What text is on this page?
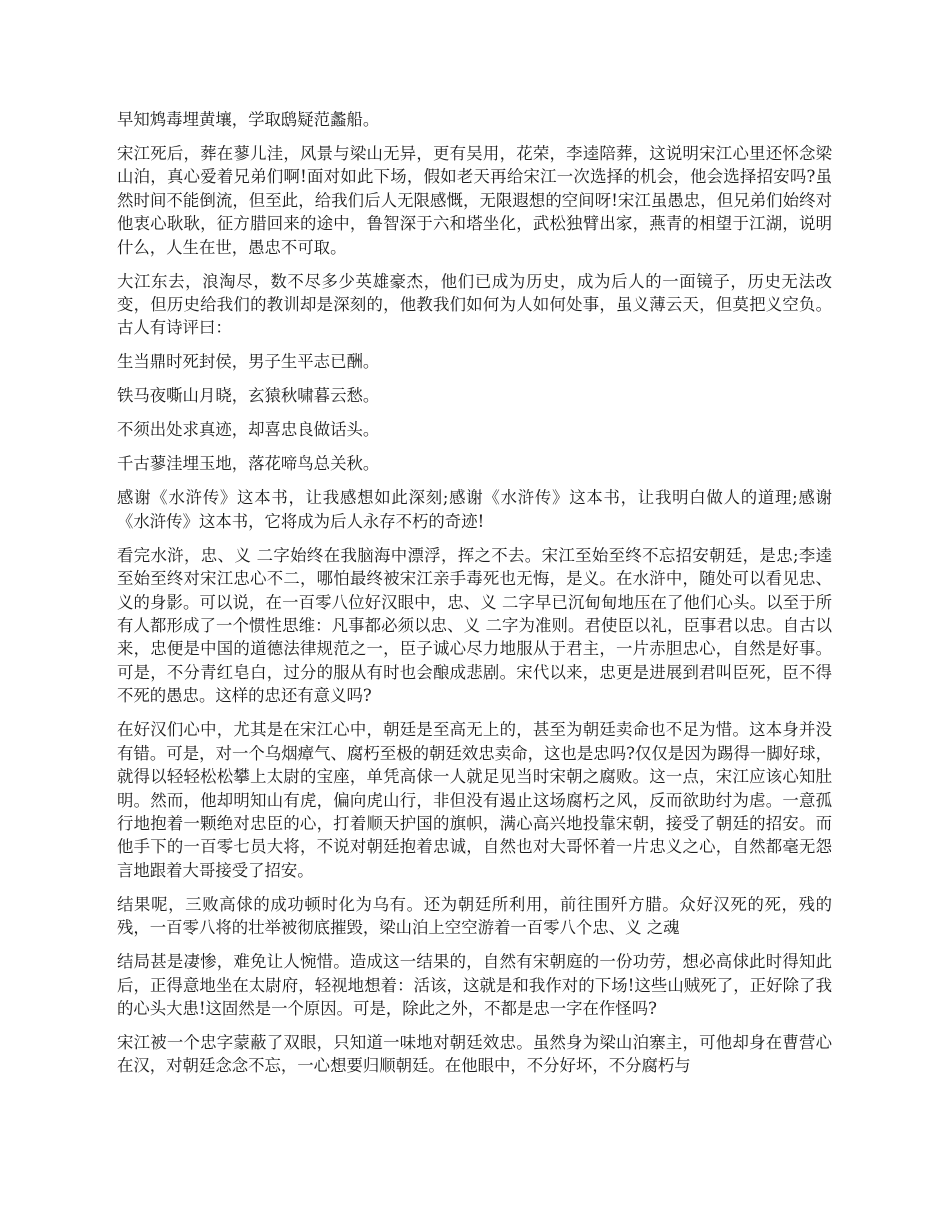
早知鸩毒埋黄壤，学取鸱疑范蠡船。

宋江死后，葬在蓼儿洼，风景与梁山无异，更有吴用，花荣，李逵陪葬，这说明宋江心里还怀念梁山泊，真心爱着兄弟们啊!面对如此下场，假如老天再给宋江一次选择的机会，他会选择招安吗?虽然时间不能倒流，但至此，给我们后人无限感慨，无限遐想的空间呀!宋江虽愚忠，但兄弟们始终对他衷心耿耿，征方腊回来的途中，鲁智深于六和塔坐化，武松独臂出家，燕青的相望于江湖，说明什么，人生在世，愚忠不可取。

大江东去，浪淘尽，数不尽多少英雄豪杰，他们已成为历史，成为后人的一面镜子，历史无法改变，但历史给我们的教训却是深刻的，他教我们如何为人如何处事，虽义薄云天，但莫把义空负。古人有诗评曰：

生当鼎时死封侯，男子生平志已酬。

铁马夜嘶山月晓，玄猿秋啸暮云愁。

不须出处求真迹，却喜忠良做话头。

千古蓼洼埋玉地，落花啼鸟总关秋。

感谢《水浒传》这本书，让我感想如此深刻;感谢《水浒传》这本书，让我明白做人的道理;感谢《水浒传》这本书，它将成为后人永存不朽的奇迹!

看完水浒，忠、义 二字始终在我脑海中漂浮，挥之不去。宋江至始至终不忘招安朝廷，是忠;李逵至始至终对宋江忠心不二，哪怕最终被宋江亲手毒死也无悔，是义。在水浒中，随处可以看见忠、义的身影。可以说，在一百零八位好汉眼中，忠、义 二字早已沉甸甸地压在了他们心头。以至于所有人都形成了一个惯性思维：凡事都必须以忠、义 二字为准则。君使臣以礼，臣事君以忠。自古以来，忠便是中国的道德法律规范之一，臣子诚心尽力地服从于君主，一片赤胆忠心，自然是好事。可是，不分青红皂白，过分的服从有时也会酿成悲剧。宋代以来，忠更是进展到君叫臣死，臣不得不死的愚忠。这样的忠还有意义吗?

在好汉们心中，尤其是在宋江心中，朝廷是至高无上的，甚至为朝廷卖命也不足为惜。这本身并没有错。可是，对一个乌烟瘴气、腐朽至极的朝廷效忠卖命，这也是忠吗?仅仅是因为踢得一脚好球，就得以轻轻松松攀上太尉的宝座，单凭高俅一人就足见当时宋朝之腐败。这一点，宋江应该心知肚明。然而，他却明知山有虎，偏向虎山行，非但没有遏止这场腐朽之风，反而欲助纣为虐。一意孤行地抱着一颗绝对忠臣的心，打着顺天护国的旗帜，满心高兴地投靠宋朝，接受了朝廷的招安。而他手下的一百零七员大将，不说对朝廷抱着忠诚，自然也对大哥怀着一片忠义之心，自然都毫无怨言地跟着大哥接受了招安。

结果呢，三败高俅的成功顿时化为乌有。还为朝廷所利用，前往围歼方腊。众好汉死的死，残的残，一百零八将的壮举被彻底摧毁，梁山泊上空空游着一百零八个忠、义 之魂

结局甚是凄惨，难免让人惋惜。造成这一结果的，自然有宋朝庭的一份功劳，想必高俅此时得知此后，正得意地坐在太尉府，轻视地想着：活该，这就是和我作对的下场!这些山贼死了，正好除了我的心头大患!这固然是一个原因。可是，除此之外，不都是忠一字在作怪吗?

宋江被一个忠字蒙蔽了双眼，只知道一味地对朝廷效忠。虽然身为梁山泊寨主，可他却身在曹营心在汉，对朝廷念念不忘，一心想要归顺朝廷。在他眼中，不分好坏，不分腐朽与
